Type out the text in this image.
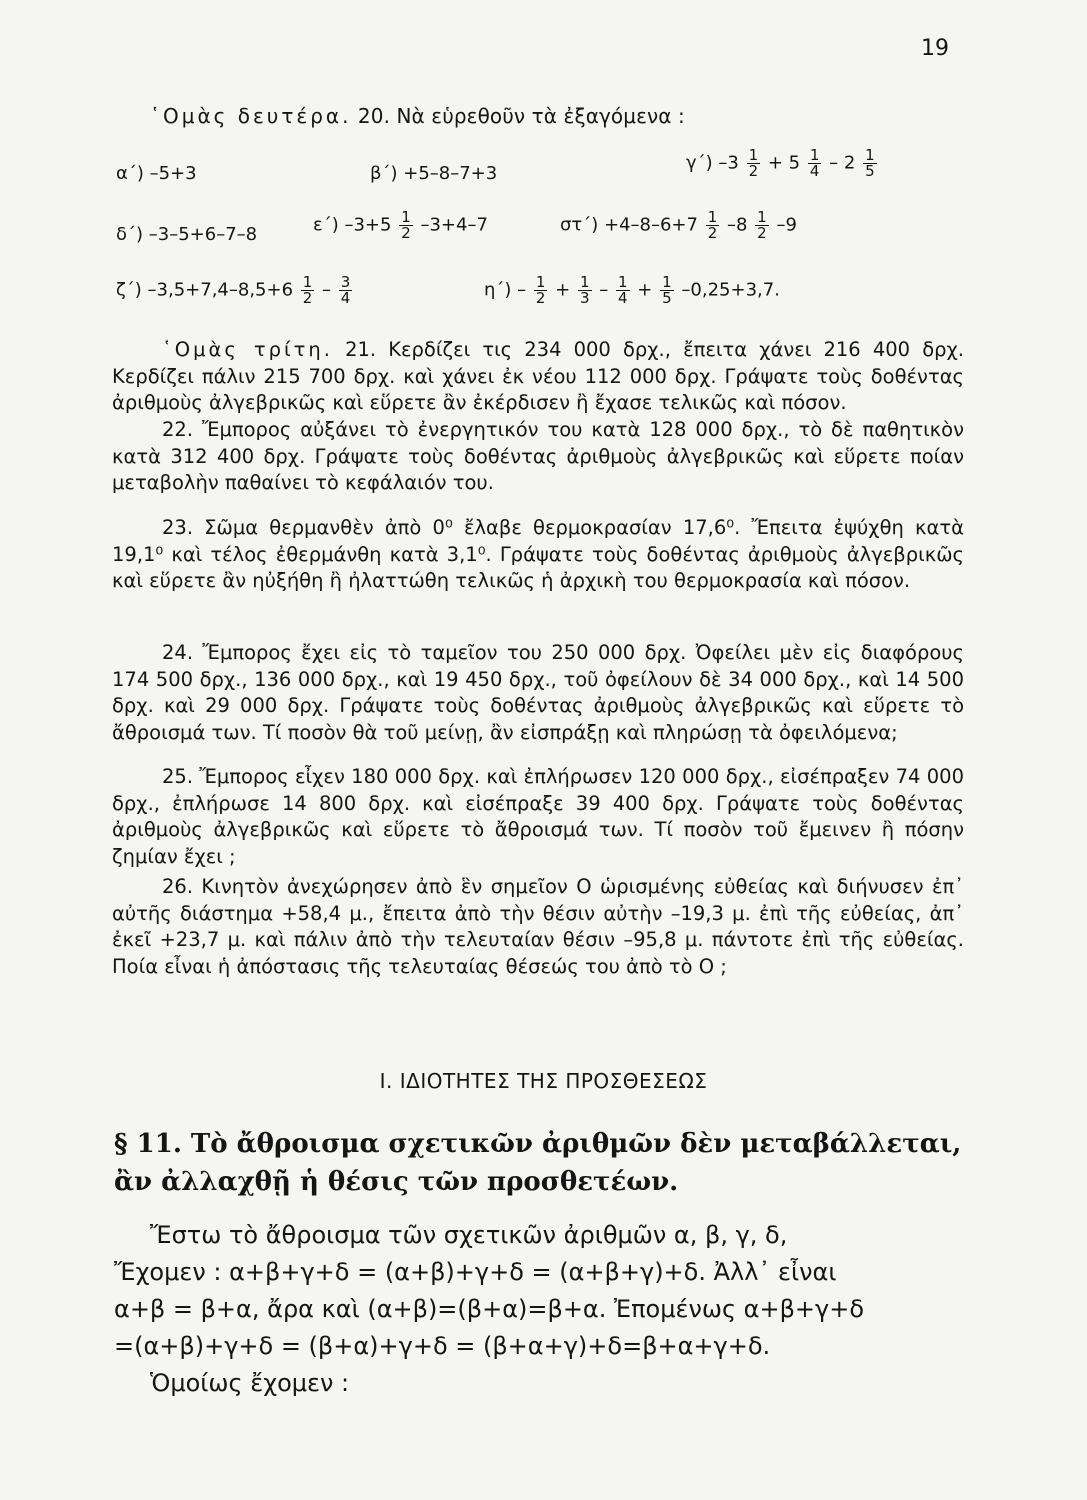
19
῾Ομὰς δευτέρα. 20. Νὰ εὑρεθοῦν τὰ ἐξαγόμενα :
α΄) –5+3	β΄) +5–8–7+3	γ΄) $-3 \frac{1}{2} + 5 \frac{1}{4} - 2 \frac{1}{5}$
δ΄) –3–5+6–7–8	ε΄) $-3+5 \frac{1}{2} -3+4-7$	$\sigma\tau΄) +4-8-6+7 \frac{1}{2} -8 \frac{1}{2} -9$
ζ΄) $-3,5+7,4-8,5+6 \frac{1}{2} - \frac{3}{4}$	$\eta΄) - \frac{1}{2} + \frac{1}{3} - \frac{1}{4} + \frac{1}{5} -0,25+3,7$.
῾Ομὰς τρίτη. 21. Κερδίζει τις 234 000 δρχ., ἔπειτα χάνει 216 400 δρχ. Κερδίζει πάλιν 215 700 δρχ. καὶ χάνει ἐκ νέου 112 000 δρχ. Γράψατε τοὺς δοθέντας ἀριθμοὺς ἀλγεβρικῶς καὶ εὕρετε ἂν ἐκέρδισεν ἢ ἔχασε τελικῶς καὶ πόσον.
22. Ἔμπορος αὐξάνει τὸ ἐνεργητικόν του κατὰ 128 000 δρχ., τὸ δὲ παθητικὸν κατὰ 312 400 δρχ. Γράψατε τοὺς δοθέντας ἀριθμοὺς ἀλγεβρικῶς καὶ εὕρετε ποίαν μεταβολὴν παθαίνει τὸ κεφάλαιόν του.
23. Σῶμα θερμανθὲν ἀπὸ 0⁰ ἔλαβε θερμοκρασίαν 17,6⁰. Ἔπειτα ἐψύχθη κατὰ 19,1⁰ καὶ τέλος ἐθερμάνθη κατὰ 3,1⁰. Γράψατε τοὺς δοθέντας ἀριθμοὺς ἀλγεβρικῶς καὶ εὕρετε ἂν ηὐξήθη ἢ ἠλαττώθη τελικῶς ἡ ἀρχικὴ του θερμοκρασία καὶ πόσον.
24. Ἔμπορος ἔχει εἰς τὸ ταμεῖον του 250 000 δρχ. Ὀφείλει μὲν εἰς διαφόρους 174 500 δρχ., 136 000 δρχ., καὶ 19 450 δρχ., τοῦ ὀφείλουν δὲ 34 000 δρχ., καὶ 14 500 δρχ. καὶ 29 000 δρχ. Γράψατε τοὺς δοθέντας ἀριθμοὺς ἀλγεβρικῶς καὶ εὕρετε τὸ ἄθροισμά των. Τί ποσὸν θὰ τοῦ μείνῃ, ἂν εἰσπράξῃ καὶ πληρώσῃ τὰ ὀφειλόμενα;
25. Ἔμπορος εἶχεν 180 000 δρχ. καὶ ἐπλήρωσεν 120 000 δρχ., εἰσέπραξεν 74 000 δρχ., ἐπλήρωσε 14 800 δρχ. καὶ εἰσέπραξε 39 400 δρχ. Γράψατε τοὺς δοθέντας ἀριθμοὺς ἀλγεβρικῶς καὶ εὕρετε τὸ ἄθροισμά των. Τί ποσὸν τοῦ ἔμεινεν ἢ πόσην ζημίαν ἔχει ;
26. Κινητὸν ἀνεχώρησεν ἀπὸ ἓν σημεῖον Ο ὡρισμένης εὐθείας καὶ διήνυσεν ἐπ᾽ αὐτῆς διάστημα +58,4 μ., ἔπειτα ἀπὸ τὴν θέσιν αὐτὴν –19,3 μ. ἐπὶ τῆς εὐθείας, ἀπ᾽ ἐκεῖ +23,7 μ. καὶ πάλιν ἀπὸ τὴν τελευταίαν θέσιν –95,8 μ. πάντοτε ἐπὶ τῆς εὐθείας. Ποία εἶναι ἡ ἀπόστασις τῆς τελευταίας θέσεώς του ἀπὸ τὸ Ο ;
I. ΙΔΙΟΤΗΤΕΣ ΤΗΣ ΠΡΟΣΘΕΣΕΩΣ
§ 11. Τὸ ἄθροισμα σχετικῶν ἀριθμῶν δὲν μεταβάλλεται,
ἂν ἀλλαχθῇ ἡ θέσις τῶν προσθετέων.
Ἔστω τὸ ἄθροισμα τῶν σχετικῶν ἀριθμῶν α, β, γ, δ,
Ἔχομεν : α+β+γ+δ = (α+β)+γ+δ = (α+β+γ)+δ. Ἀλλ᾽ εἶναι
α+β = β+α, ἄρα καὶ (α+β)=(β+α)=β+α. Ἐπομένως α+β+γ+δ
=(α+β)+γ+δ = (β+α)+γ+δ = (β+α+γ)+δ=β+α+γ+δ.
Ὁμοίως ἔχομεν :
